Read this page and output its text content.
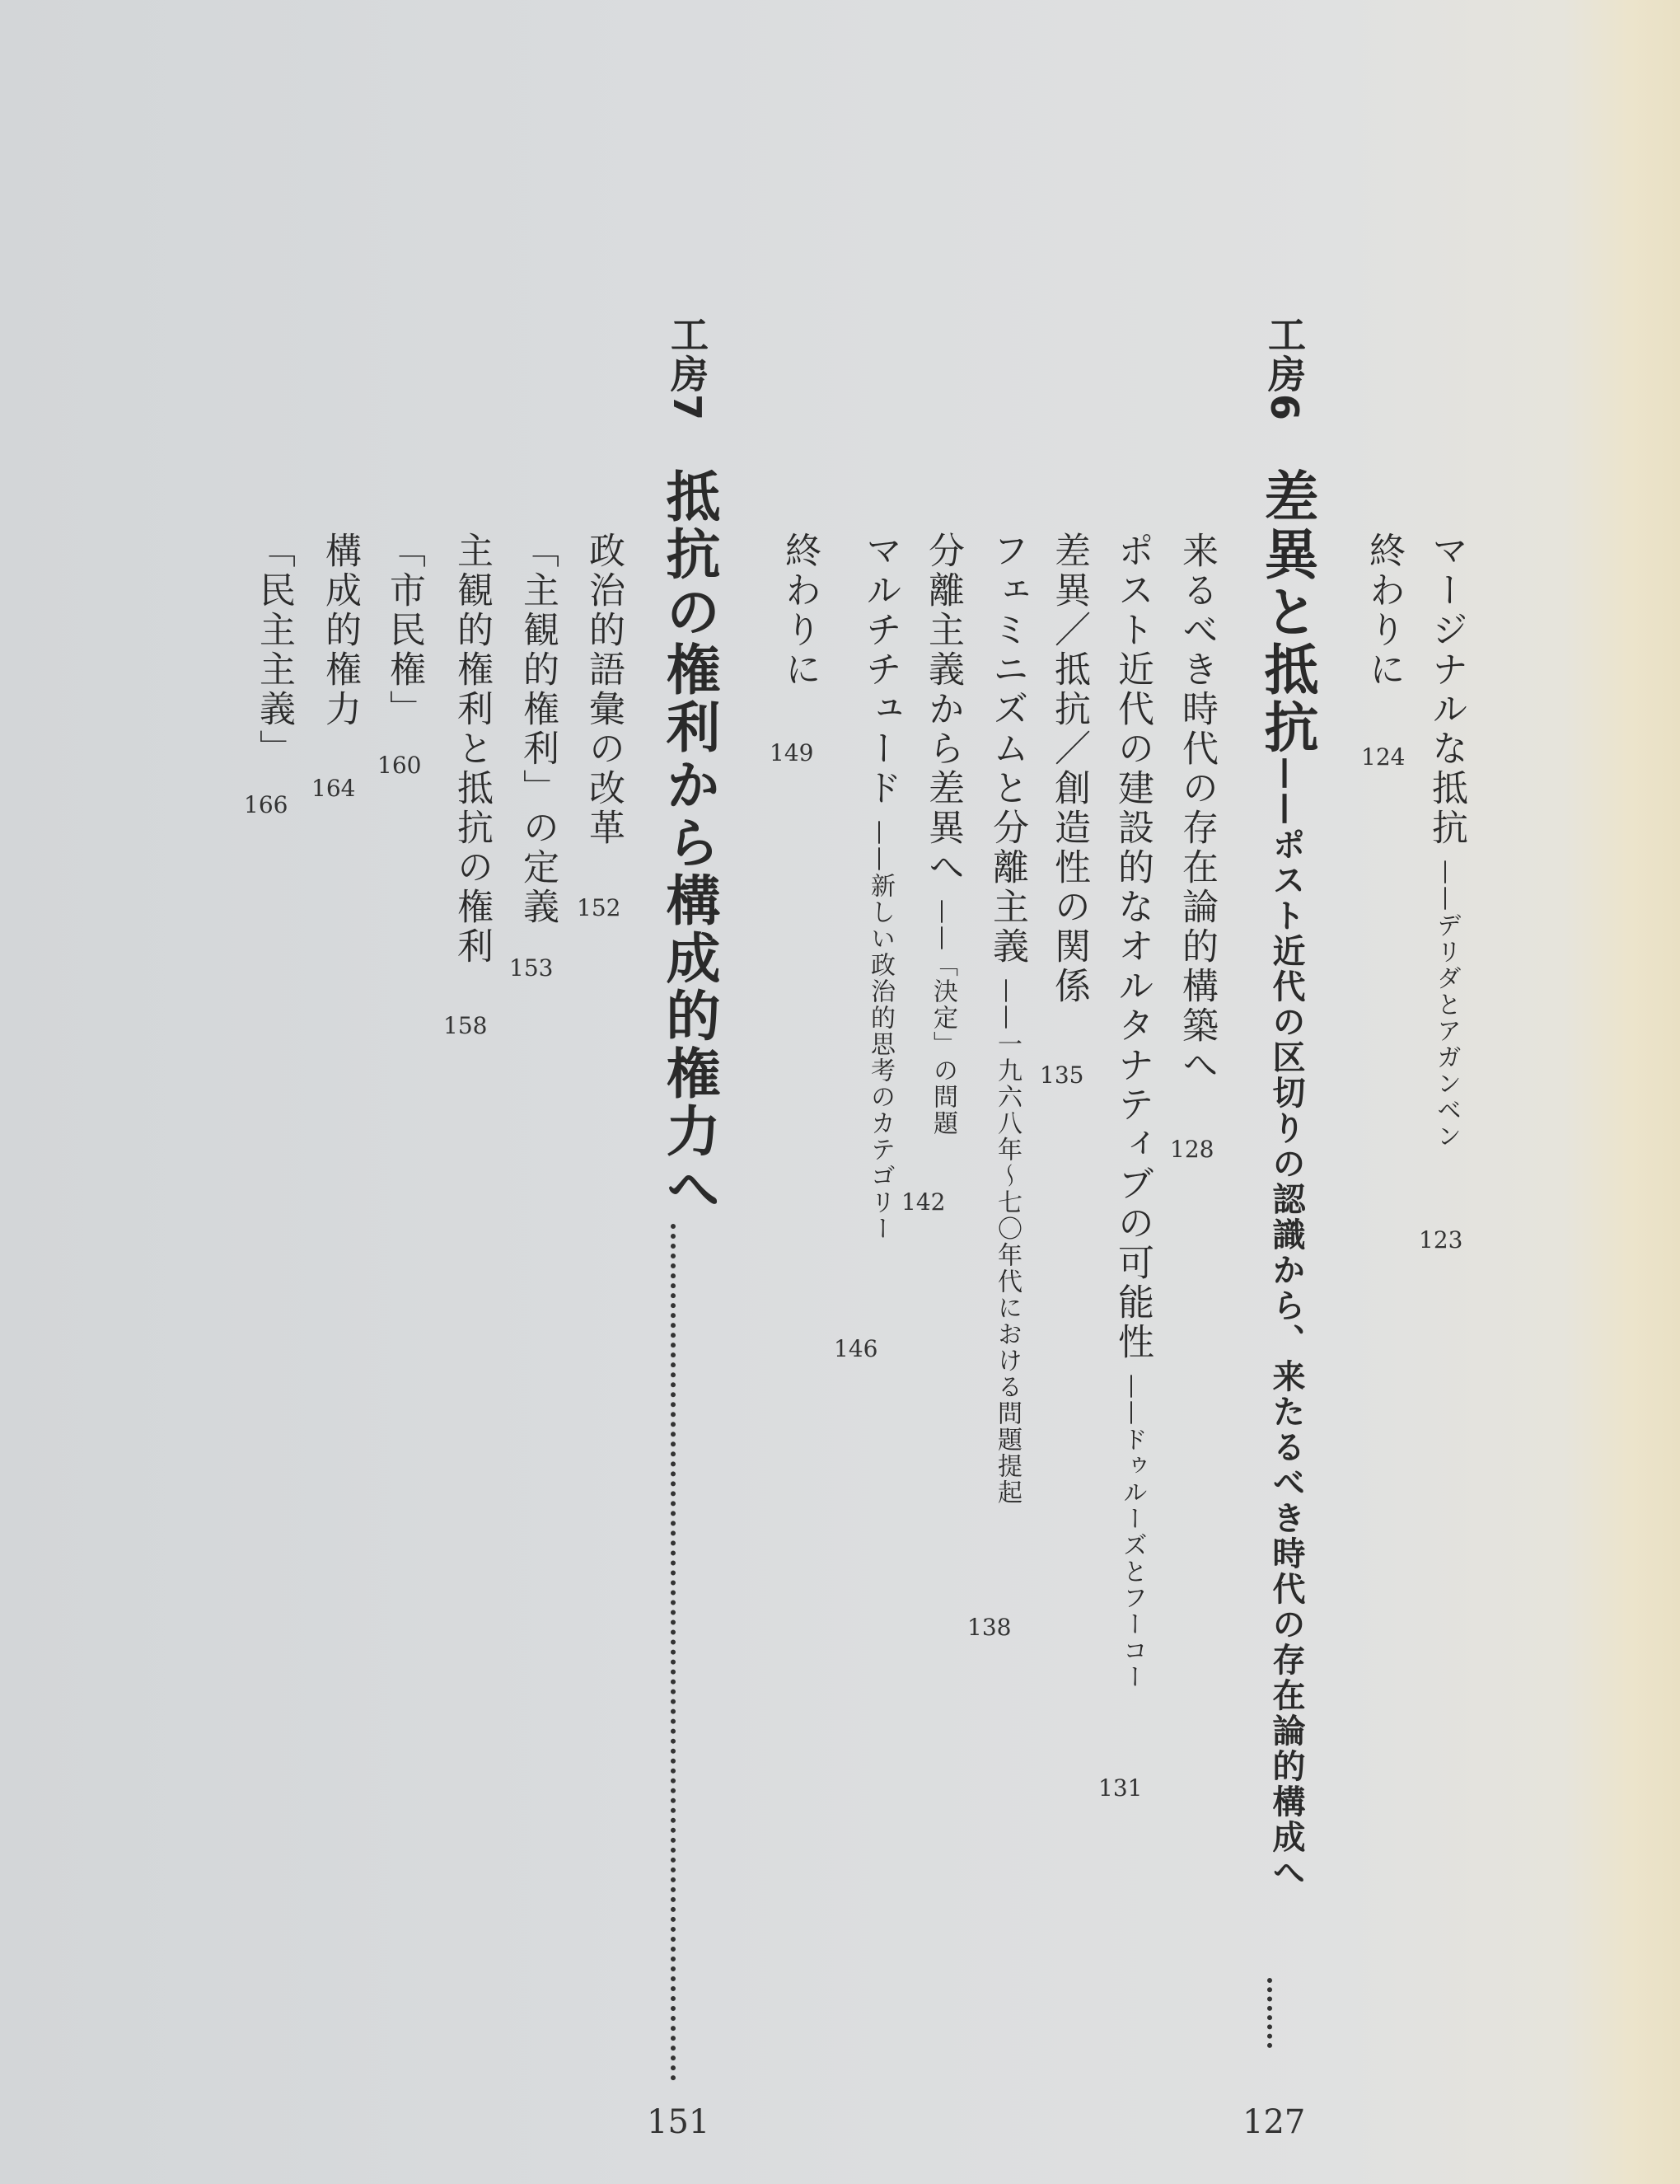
マージナルな抵抗——デリダとアガンベン
123
終わりに
124
工房6
差異と抵抗——ポスト近代の区切りの認識から、来たるべき時代の存在論的構成へ
127
来るべき時代の存在論的構築へ
128
ポスト近代の建設的なオルタナティブの可能性——ドゥルーズとフーコー
131
差異／抵抗／創造性の関係
135
フェミニズムと分離主義——一九六八年〜七〇年代における問題提起
138
分離主義から差異へ——「決定」の問題
142
マルチチュード——新しい政治的思考のカテゴリー
146
終わりに
149
工房7
抵抗の権利から構成的権力へ
151
政治的語彙の改革
152
「主観的権利」の定義
153
主観的権利と抵抗の権利
158
「市民権」
160
構成的権力
164
「民主主義」
166
